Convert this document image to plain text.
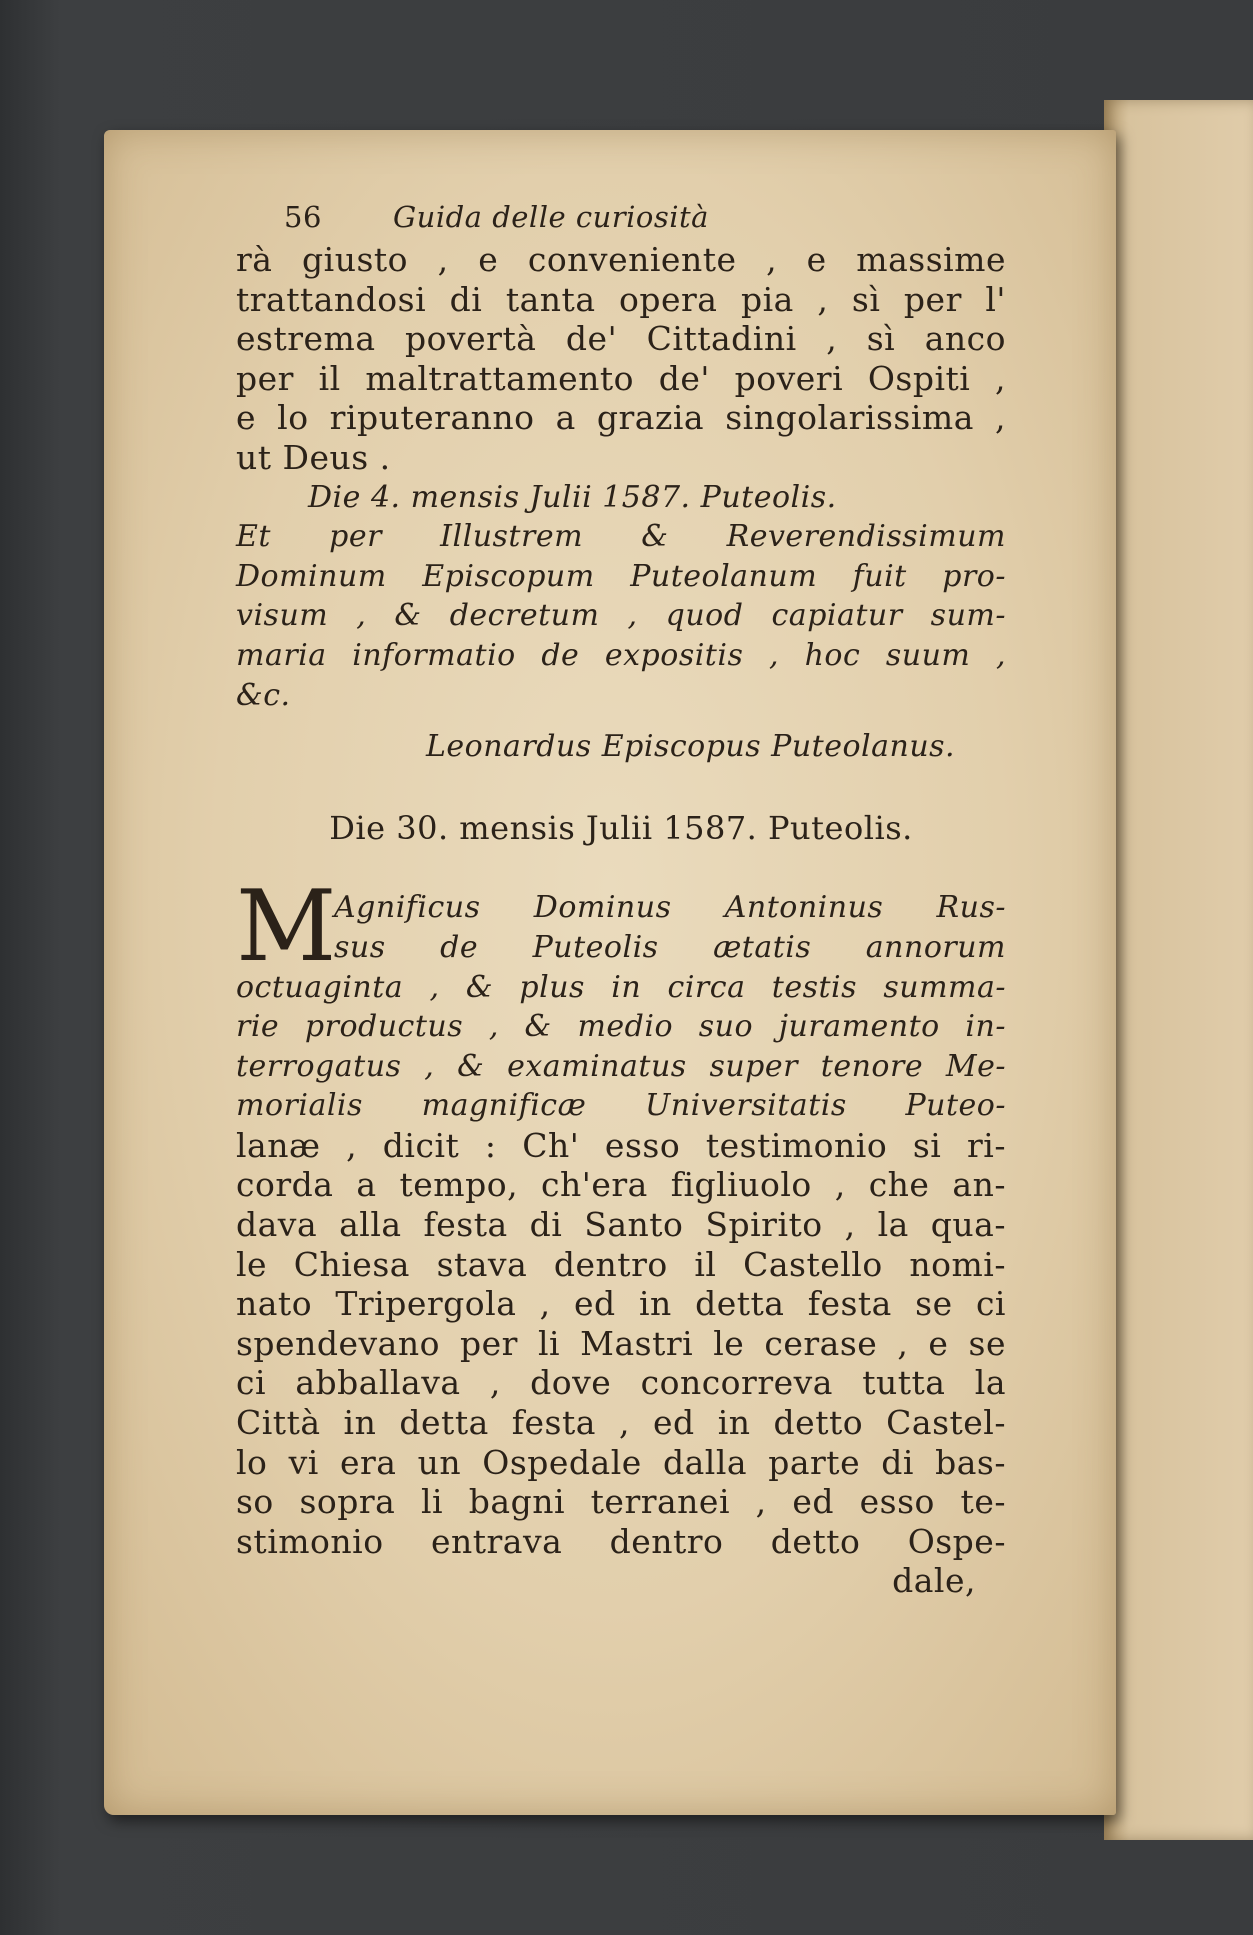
56 Guida delle curiosità
rà giusto , e conveniente , e massime
trattandosi di tanta opera pia , sì per l'
estrema povertà de' Cittadini , sì anco
per il maltrattamento de' poveri Ospiti ,
e lo riputeranno a grazia singolarissima ,
ut Deus .
Die 4. mensis Julii 1587. Puteolis.
Et per Illustrem & Reverendissimum
Dominum Episcopum Puteolanum fuit pro-
visum , & decretum , quod capiatur sum-
maria informatio de expositis , hoc suum ,
&c.
Leonardus Episcopus Puteolanus.
Die 30. mensis Julii 1587. Puteolis.
M
Agnificus Dominus Antoninus Rus-
sus de Puteolis ætatis annorum
octuaginta , & plus in circa testis summa-
rie productus , & medio suo juramento in-
terrogatus , & examinatus super tenore Me-
morialis magnificæ Universitatis Puteo-
lanæ , dicit : Ch' esso testimonio si ri-
corda a tempo, ch'era figliuolo , che an-
dava alla festa di Santo Spirito , la qua-
le Chiesa stava dentro il Castello nomi-
nato Tripergola , ed in detta festa se ci
spendevano per li Mastri le cerase , e se
ci abballava , dove concorreva tutta la
Città in detta festa , ed in detto Castel-
lo vi era un Ospedale dalla parte di bas-
so sopra li bagni terranei , ed esso te-
stimonio entrava dentro detto Ospe-
dale,
